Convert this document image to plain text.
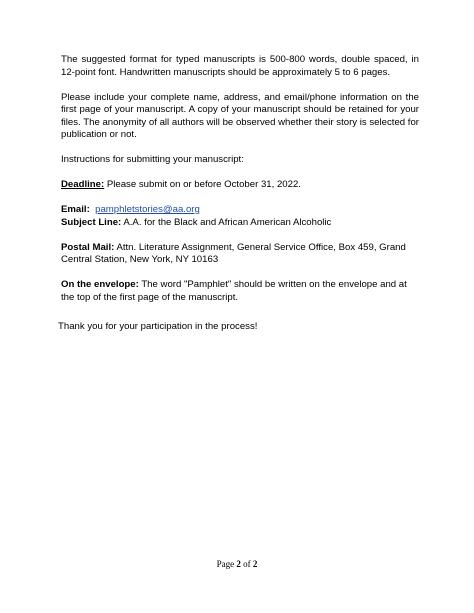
The suggested format for typed manuscripts is 500-800 words, double spaced, in 12-point font. Handwritten manuscripts should be approximately 5 to 6 pages.

Please include your complete name, address, and email/phone information on the first page of your manuscript. A copy of your manuscript should be retained for your files. The anonymity of all authors will be observed whether their story is selected for publication or not.

Instructions for submitting your manuscript:

Deadline: Please submit on or before October 31, 2022.

Email: pamphletstories@aa.org

Subject Line: A.A. for the Black and African American Alcoholic

Postal Mail: Attn. Literature Assignment, General Service Office, Box 459, Grand Central Station, New York, NY 10163

On the envelope: The word "Pamphlet" should be written on the envelope and at the top of the first page of the manuscript.

Thank you for your participation in the process!

Page 2 of 2
